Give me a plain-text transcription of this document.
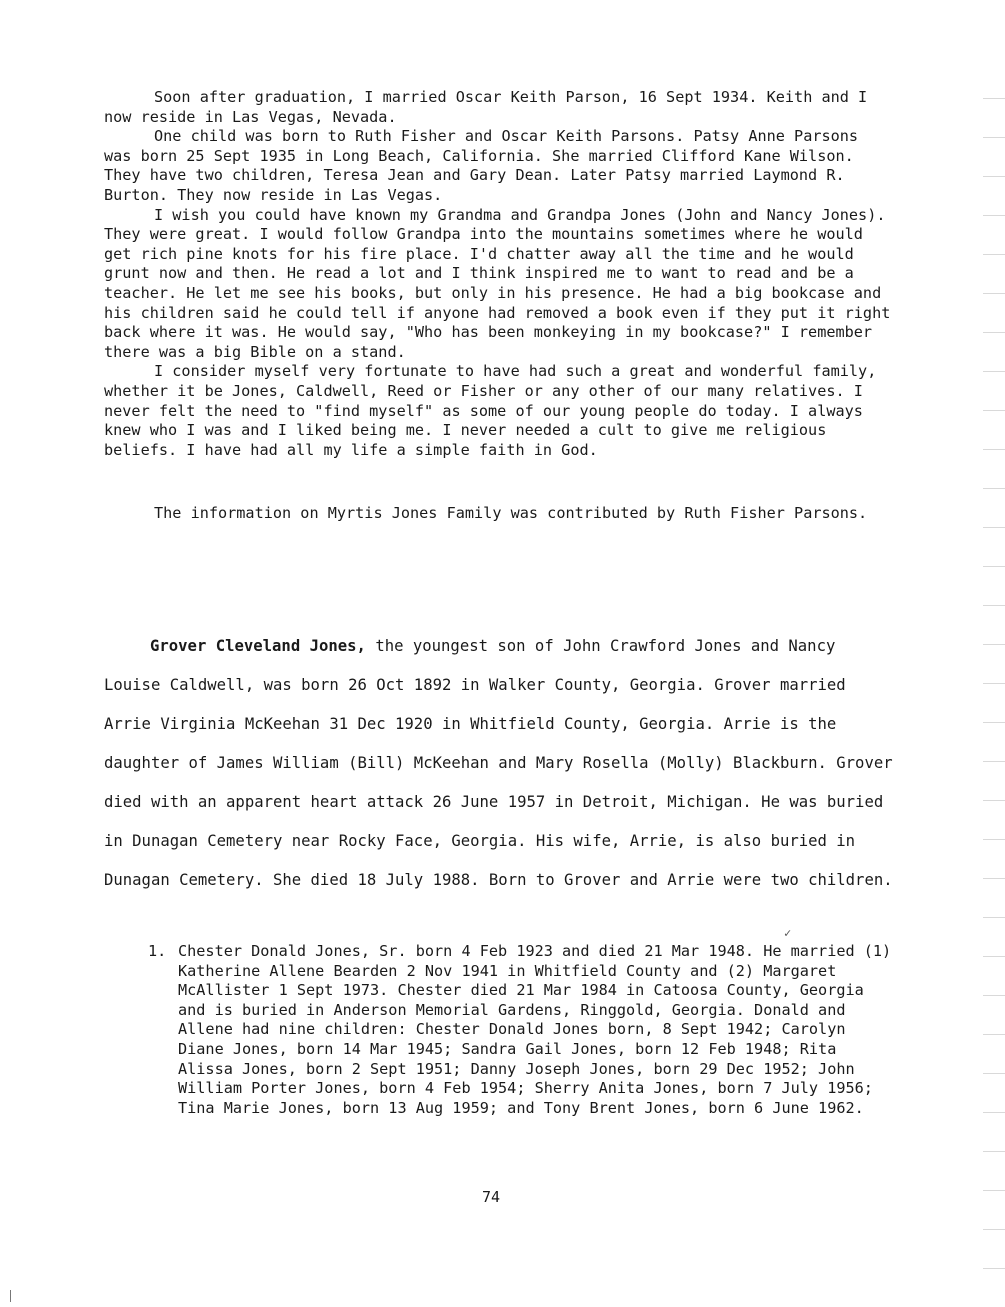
Soon after graduation, I married Oscar Keith Parson, 16 Sept 1934. Keith and I now reside in Las Vegas, Nevada.

One child was born to Ruth Fisher and Oscar Keith Parsons. Patsy Anne Parsons was born 25 Sept 1935 in Long Beach, California. She married Clifford Kane Wilson. They have two children, Teresa Jean and Gary Dean. Later Patsy married Laymond R. Burton. They now reside in Las Vegas.

I wish you could have known my Grandma and Grandpa Jones (John and Nancy Jones). They were great. I would follow Grandpa into the mountains sometimes where he would get rich pine knots for his fire place. I'd chatter away all the time and he would grunt now and then. He read a lot and I think inspired me to want to read and be a teacher. He let me see his books, but only in his presence. He had a big bookcase and his children said he could tell if anyone had removed a book even if they put it right back where it was. He would say, "Who has been monkeying in my bookcase?" I remember there was a big Bible on a stand.

I consider myself very fortunate to have had such a great and wonderful family, whether it be Jones, Caldwell, Reed or Fisher or any other of our many relatives. I never felt the need to "find myself" as some of our young people do today. I always knew who I was and I liked being me. I never needed a cult to give me religious beliefs. I have had all my life a simple faith in God.

The information on Myrtis Jones Family was contributed by Ruth Fisher Parsons.

Grover Cleveland Jones, the youngest son of John Crawford Jones and Nancy Louise Caldwell, was born 26 Oct 1892 in Walker County, Georgia. Grover married Arrie Virginia McKeehan 31 Dec 1920 in Whitfield County, Georgia. Arrie is the daughter of James William (Bill) McKeehan and Mary Rosella (Molly) Blackburn. Grover died with an apparent heart attack 26 June 1957 in Detroit, Michigan. He was buried in Dunagan Cemetery near Rocky Face, Georgia. His wife, Arrie, is also buried in Dunagan Cemetery. She died 18 July 1988. Born to Grover and Arrie were two children.

✓
1. Chester Donald Jones, Sr. born 4 Feb 1923 and died 21 Mar 1948. He married (1) Katherine Allene Bearden 2 Nov 1941 in Whitfield County and (2) Margaret McAllister 1 Sept 1973. Chester died 21 Mar 1984 in Catoosa County, Georgia and is buried in Anderson Memorial Gardens, Ringgold, Georgia. Donald and Allene had nine children: Chester Donald Jones born, 8 Sept 1942; Carolyn Diane Jones, born 14 Mar 1945; Sandra Gail Jones, born 12 Feb 1948; Rita Alissa Jones, born 2 Sept 1951; Danny Joseph Jones, born 29 Dec 1952; John William Porter Jones, born 4 Feb 1954; Sherry Anita Jones, born 7 July 1956; Tina Marie Jones, born 13 Aug 1959; and Tony Brent Jones, born 6 June 1962.
74
